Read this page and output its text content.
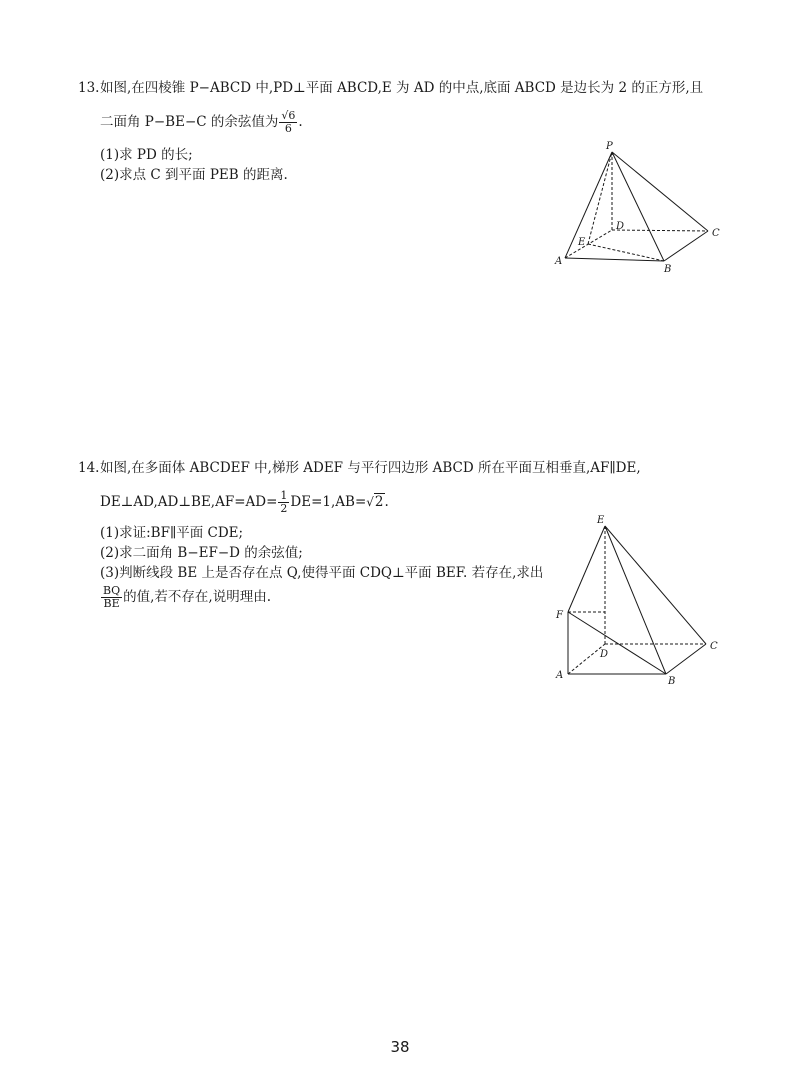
13.如图,在四棱锥 P−ABCD 中,PD⊥平面 ABCD,E 为 AD 的中点,底面 ABCD 是边长为 2 的正方形,且

二面角 P−BE−C 的余弦值为 $\frac{√6}{6}$ .

(1)求 PD 的长;

(2)求点 C 到平面 PEB 的距离.

P
D
C
E
A
B

14.如图,在多面体 ABCDEF 中,梯形 ADEF 与平行四边形 ABCD 所在平面互相垂直,AF∥DE,

DE⊥AD,AD⊥BE,AF=AD= $\frac{1}{2} DE=1,AB=√2$.

(1)求证:BF∥平面 CDE;

(2)求二面角 B−EF−D 的余弦值;

(3)判断线段 BE 上是否存在点 Q,使得平面 CDQ⊥平面 BEF. 若存在,求出

$\frac{BQ}{BE}$ 的值,若不存在,说明理由.

E
F
D
C
A
B
38
